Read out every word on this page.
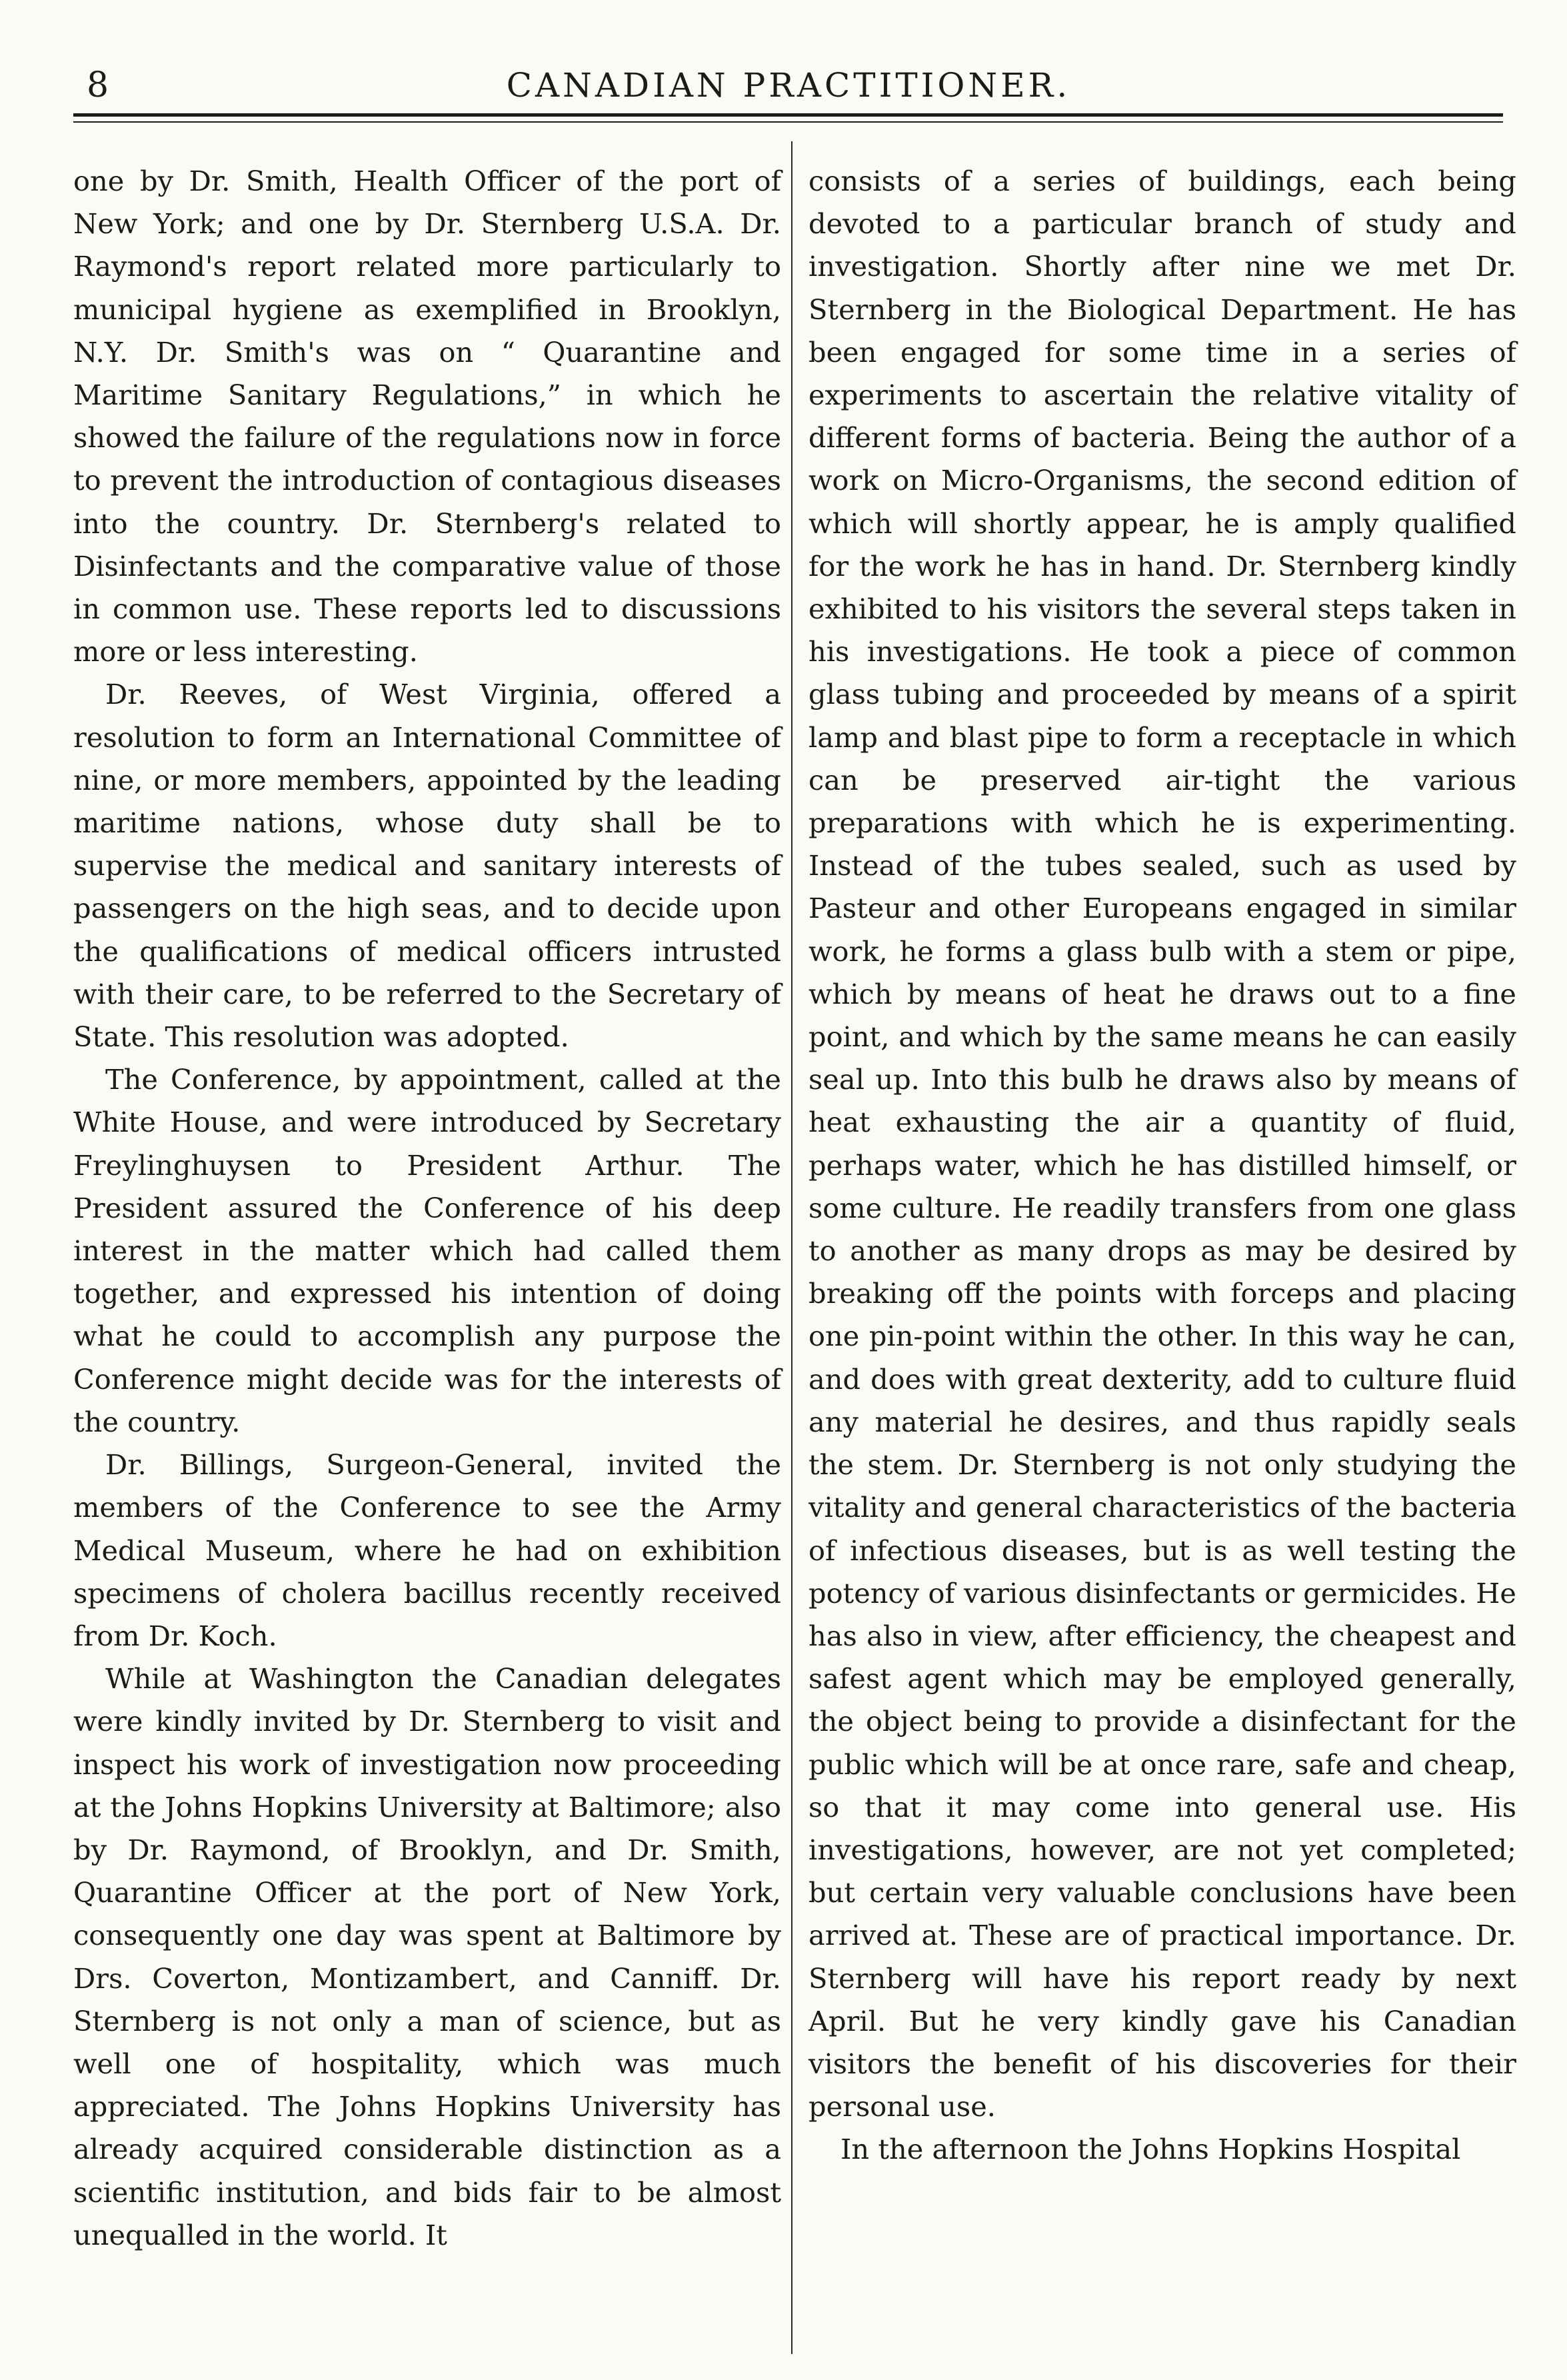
8	CANADIAN PRACTITIONER.

one by Dr. Smith, Health Officer of the port of New York; and one by Dr. Sternberg U.S.A. Dr. Raymond's report related more particularly to municipal hygiene as exemplified in Brooklyn, N.Y. Dr. Smith's was on “ Quarantine and Maritime Sanitary Regulations,” in which he showed the failure of the regulations now in force to prevent the introduction of contagious diseases into the country. Dr. Sternberg's related to Disinfectants and the comparative value of those in common use. These reports led to discussions more or less interesting.

Dr. Reeves, of West Virginia, offered a resolution to form an International Committee of nine, or more members, appointed by the leading maritime nations, whose duty shall be to supervise the medical and sanitary interests of passengers on the high seas, and to decide upon the qualifications of medical officers intrusted with their care, to be referred to the Secretary of State. This resolution was adopted.

The Conference, by appointment, called at the White House, and were introduced by Secretary Freylinghuysen to President Arthur. The President assured the Conference of his deep interest in the matter which had called them together, and expressed his intention of doing what he could to accomplish any purpose the Conference might decide was for the interests of the country.

Dr. Billings, Surgeon-General, invited the members of the Conference to see the Army Medical Museum, where he had on exhibition specimens of cholera bacillus recently received from Dr. Koch.

While at Washington the Canadian delegates were kindly invited by Dr. Sternberg to visit and inspect his work of investigation now proceeding at the Johns Hopkins University at Baltimore; also by Dr. Raymond, of Brooklyn, and Dr. Smith, Quarantine Officer at the port of New York, consequently one day was spent at Baltimore by Drs. Coverton, Montizambert, and Canniff. Dr. Sternberg is not only a man of science, but as well one of hospitality, which was much appreciated. The Johns Hopkins University has already acquired considerable distinction as a scientific institution, and bids fair to be almost unequalled in the world. It

consists of a series of buildings, each being devoted to a particular branch of study and investigation. Shortly after nine we met Dr. Sternberg in the Biological Department. He has been engaged for some time in a series of experiments to ascertain the relative vitality of different forms of bacteria. Being the author of a work on Micro-Organisms, the second edition of which will shortly appear, he is amply qualified for the work he has in hand. Dr. Sternberg kindly exhibited to his visitors the several steps taken in his investigations. He took a piece of common glass tubing and proceeded by means of a spirit lamp and blast pipe to form a receptacle in which can be preserved air-tight the various preparations with which he is experimenting. Instead of the tubes sealed, such as used by Pasteur and other Europeans engaged in similar work, he forms a glass bulb with a stem or pipe, which by means of heat he draws out to a fine point, and which by the same means he can easily seal up. Into this bulb he draws also by means of heat exhausting the air a quantity of fluid, perhaps water, which he has distilled himself, or some culture. He readily transfers from one glass to another as many drops as may be desired by breaking off the points with forceps and placing one pin-point within the other. In this way he can, and does with great dexterity, add to culture fluid any material he desires, and thus rapidly seals the stem. Dr. Sternberg is not only studying the vitality and general characteristics of the bacteria of infectious diseases, but is as well testing the potency of various disinfectants or germicides. He has also in view, after efficiency, the cheapest and safest agent which may be employed generally, the object being to provide a disinfectant for the public which will be at once rare, safe and cheap, so that it may come into general use. His investigations, however, are not yet completed; but certain very valuable conclusions have been arrived at. These are of practical importance. Dr. Sternberg will have his report ready by next April. But he very kindly gave his Canadian visitors the benefit of his discoveries for their personal use.

In the afternoon the Johns Hopkins Hospital
